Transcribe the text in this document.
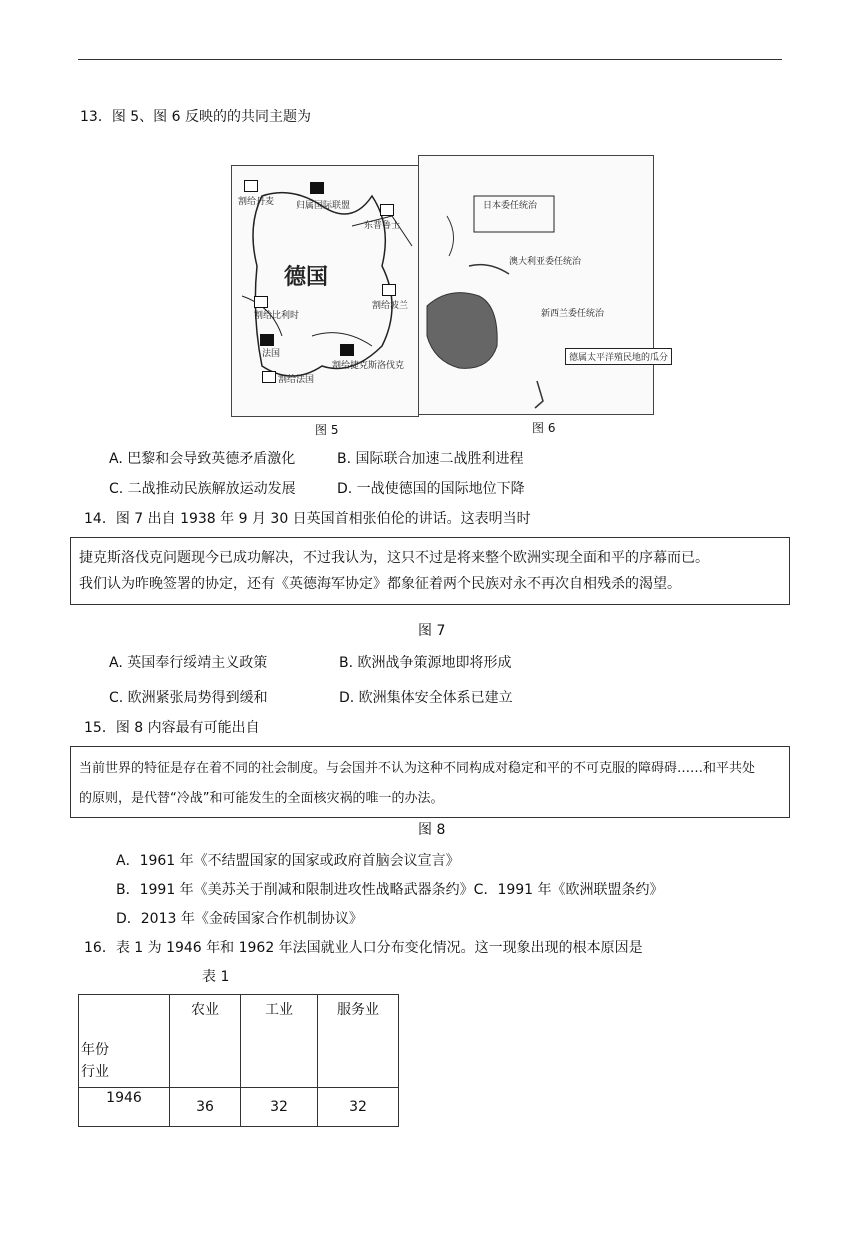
13．图 5、图 6 反映的的共同主题为
德国
割给丹麦 归属国际联盟
东普鲁士
割给波兰
割给比利时
法国
割给法国
割给捷克斯洛伐克
图 5
日本委任统治
澳大利亚委任统治
新西兰委任统治
德属太平洋殖民地的瓜分
图 6
A. 巴黎和会导致英德矛盾激化	B. 国际联合加速二战胜利进程
C. 二战推动民族解放运动发展	D. 一战使德国的国际地位下降
14．图 7 出自 1938 年 9 月 30 日英国首相张伯伦的讲话。这表明当时

捷克斯洛伐克问题现今已成功解决，不过我认为，这只不过是将来整个欧洲实现全面和平的序幕而已。

我们认为昨晚签署的协定，还有《英德海军协定》都象征着两个民族对永不再次自相残杀的渴望。

图 7
A. 英国奉行绥靖主义政策	B. 欧洲战争策源地即将形成
C. 欧洲紧张局势得到缓和	D. 欧洲集体安全体系已建立
15．图 8 内容最有可能出自

当前世界的特征是存在着不同的社会制度。与会国并不认为这种不同构成对稳定和平的不可克服的障碍碍……和平共处

的原则，是代替“冷战”和可能发生的全面核灾祸的唯一的办法。

图 8
A．1961 年《不结盟国家的国家或政府首脑会议宣言》
B．1991 年《美苏关于削减和限制进攻性战略武器条约》C．1991 年《欧洲联盟条约》
D．2013 年《金砖国家合作机制协议》
16．表 1 为 1946 年和 1962 年法国就业人口分布变化情况。这一现象出现的根本原因是
表 1
年份
行业	农业	工业	服务业
1946	36	32	32
